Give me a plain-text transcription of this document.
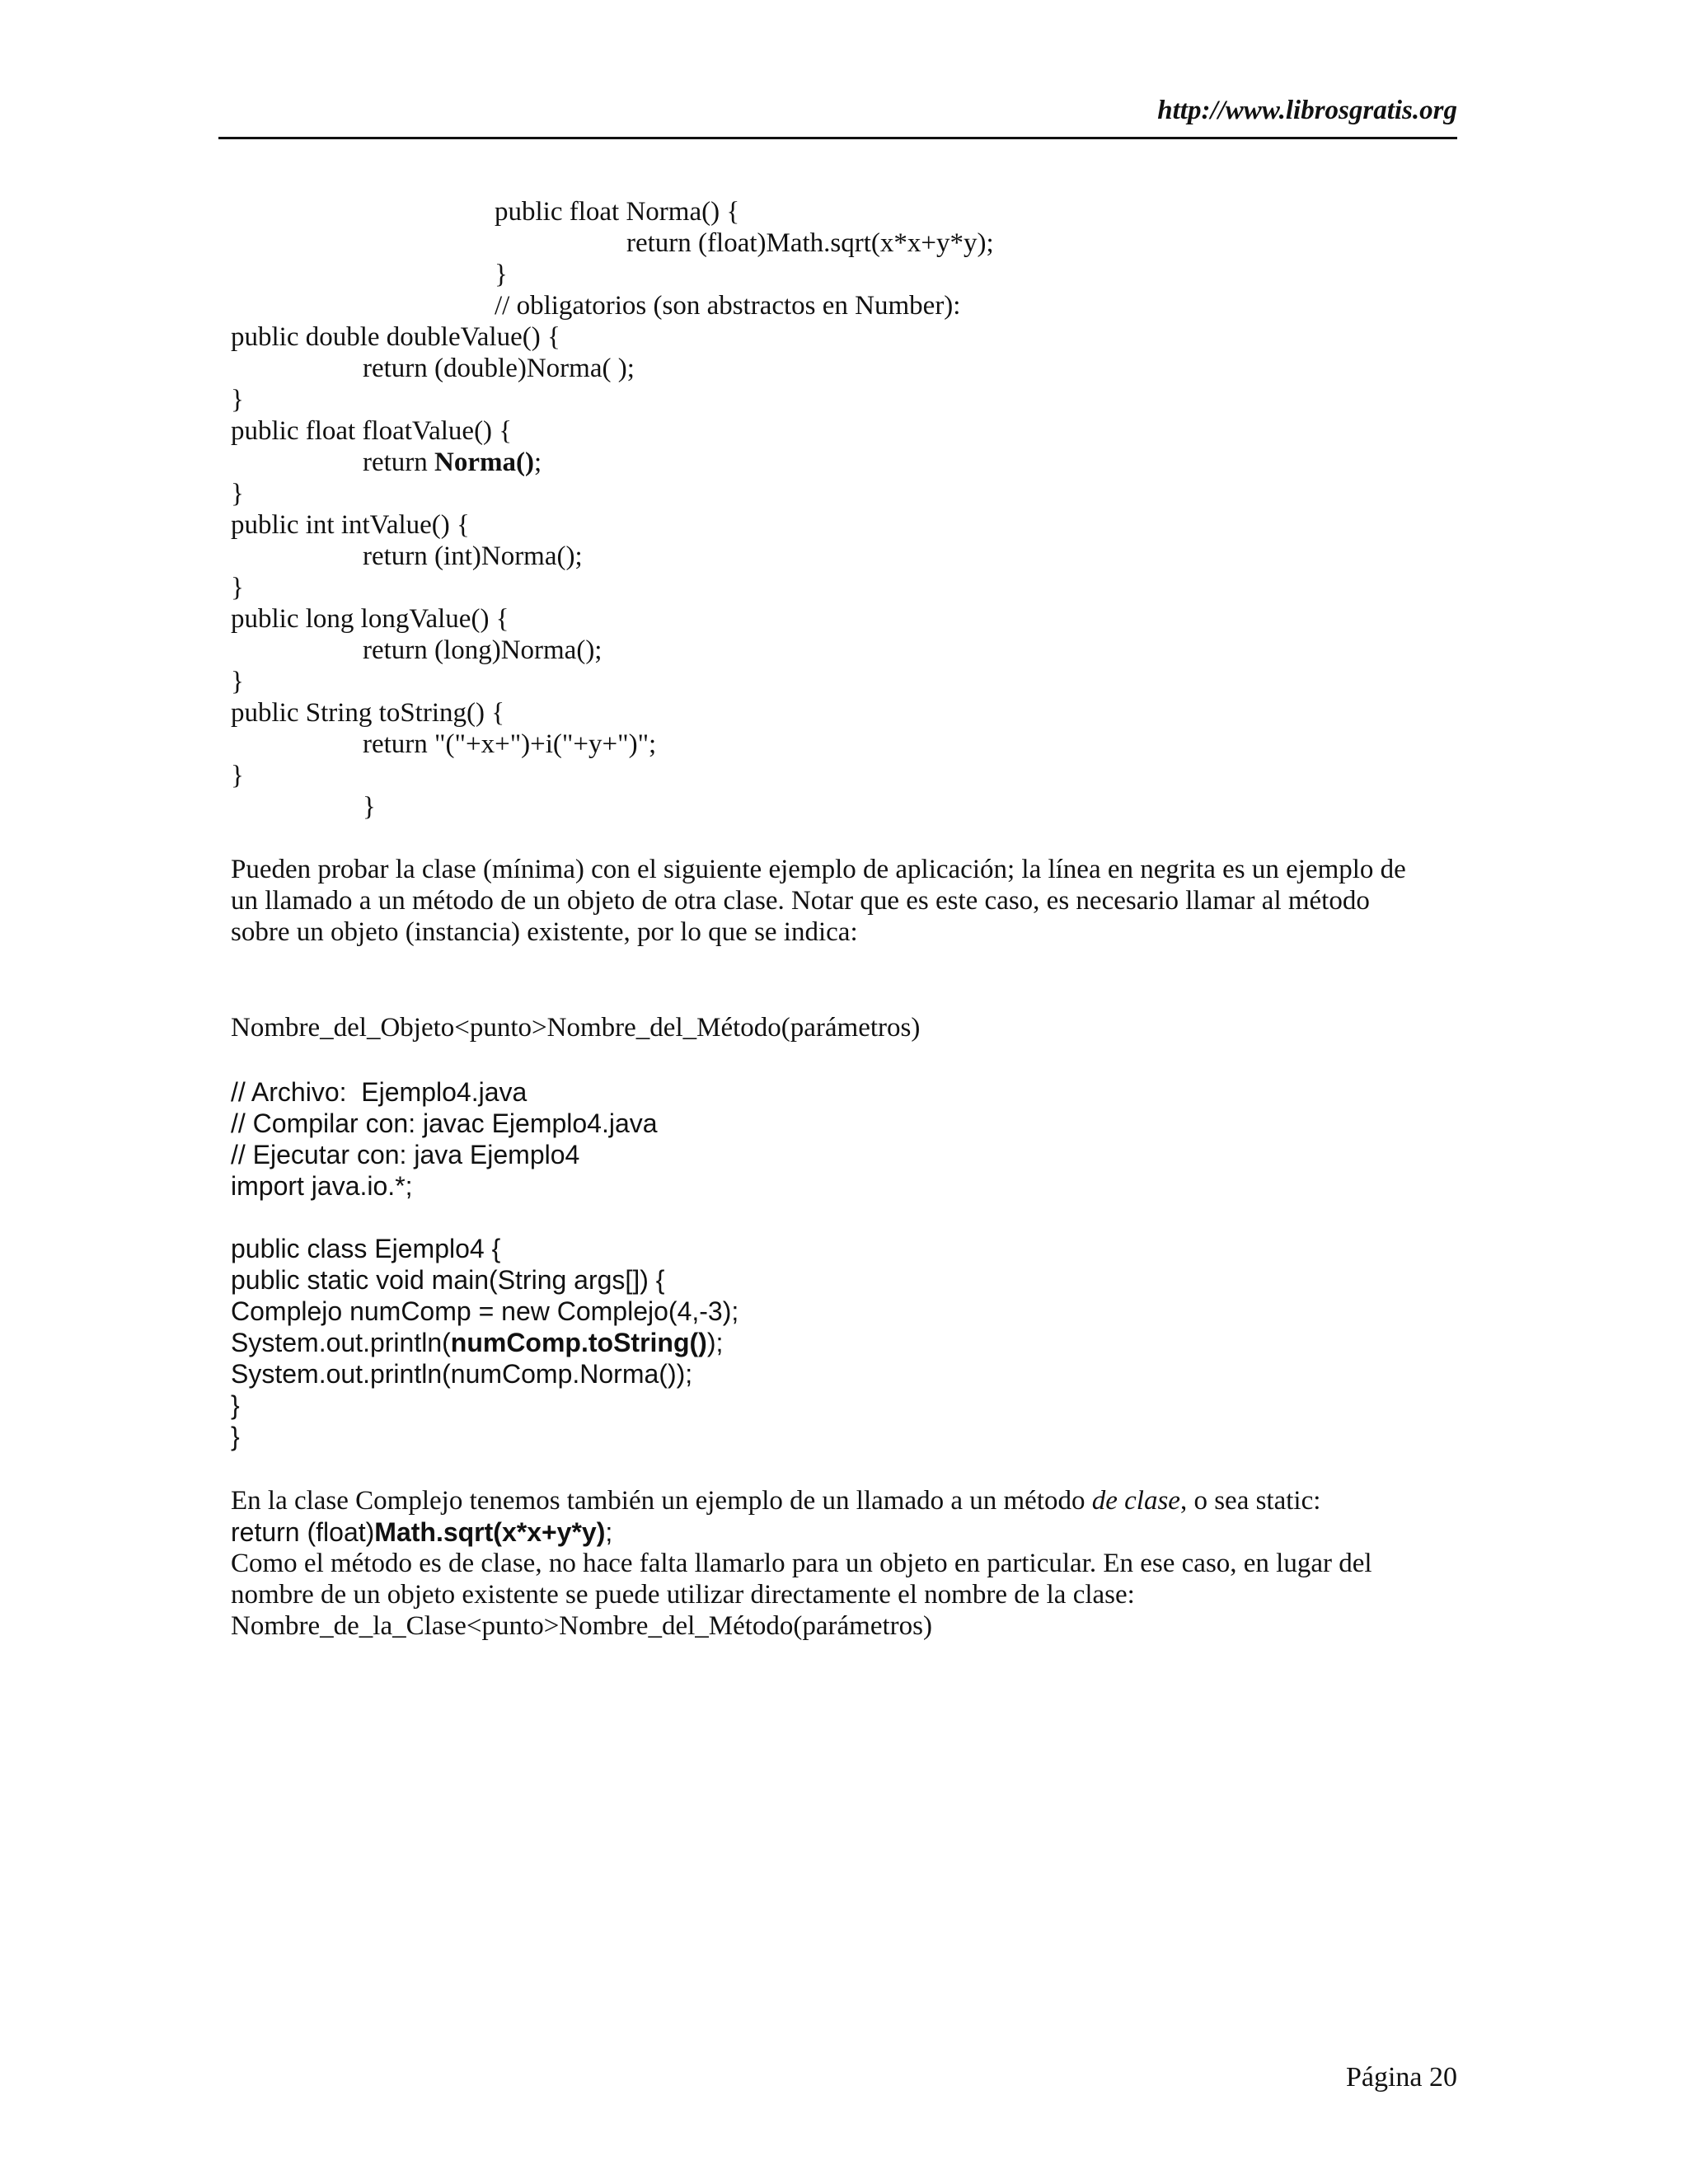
http://www.librosgratis.org
public float Norma() {
return (float)Math.sqrt(x*x+y*y);
}
// obligatorios (son abstractos en Number):
public double doubleValue() {
return (double)Norma( );
}
public float floatValue() {
return Norma();
}
public int intValue() {
return (int)Norma();
}
public long longValue() {
return (long)Norma();
}
public String toString() {
return "("+x+")+i("+y+")";
}
}
Pueden probar la clase (mínima) con el siguiente ejemplo de aplicación; la línea en negrita es un ejemplo de
un llamado a un método de un objeto de otra clase. Notar que es este caso, es necesario llamar al método
sobre un objeto (instancia) existente, por lo que se indica:
Nombre_del_Objeto<punto>Nombre_del_Método(parámetros)
// Archivo:  Ejemplo4.java
// Compilar con: javac Ejemplo4.java
// Ejecutar con: java Ejemplo4
import java.io.*;
public class Ejemplo4 {
public static void main(String args[]) {
Complejo numComp = new Complejo(4,-3);
System.out.println(numComp.toString());
System.out.println(numComp.Norma());
}
}
En la clase Complejo tenemos también un ejemplo de un llamado a un método de clase, o sea static:
return (float)Math.sqrt(x*x+y*y);
Como el método es de clase, no hace falta llamarlo para un objeto en particular. En ese caso, en lugar del
nombre de un objeto existente se puede utilizar directamente el nombre de la clase:
Nombre_de_la_Clase<punto>Nombre_del_Método(parámetros)
Página 20
